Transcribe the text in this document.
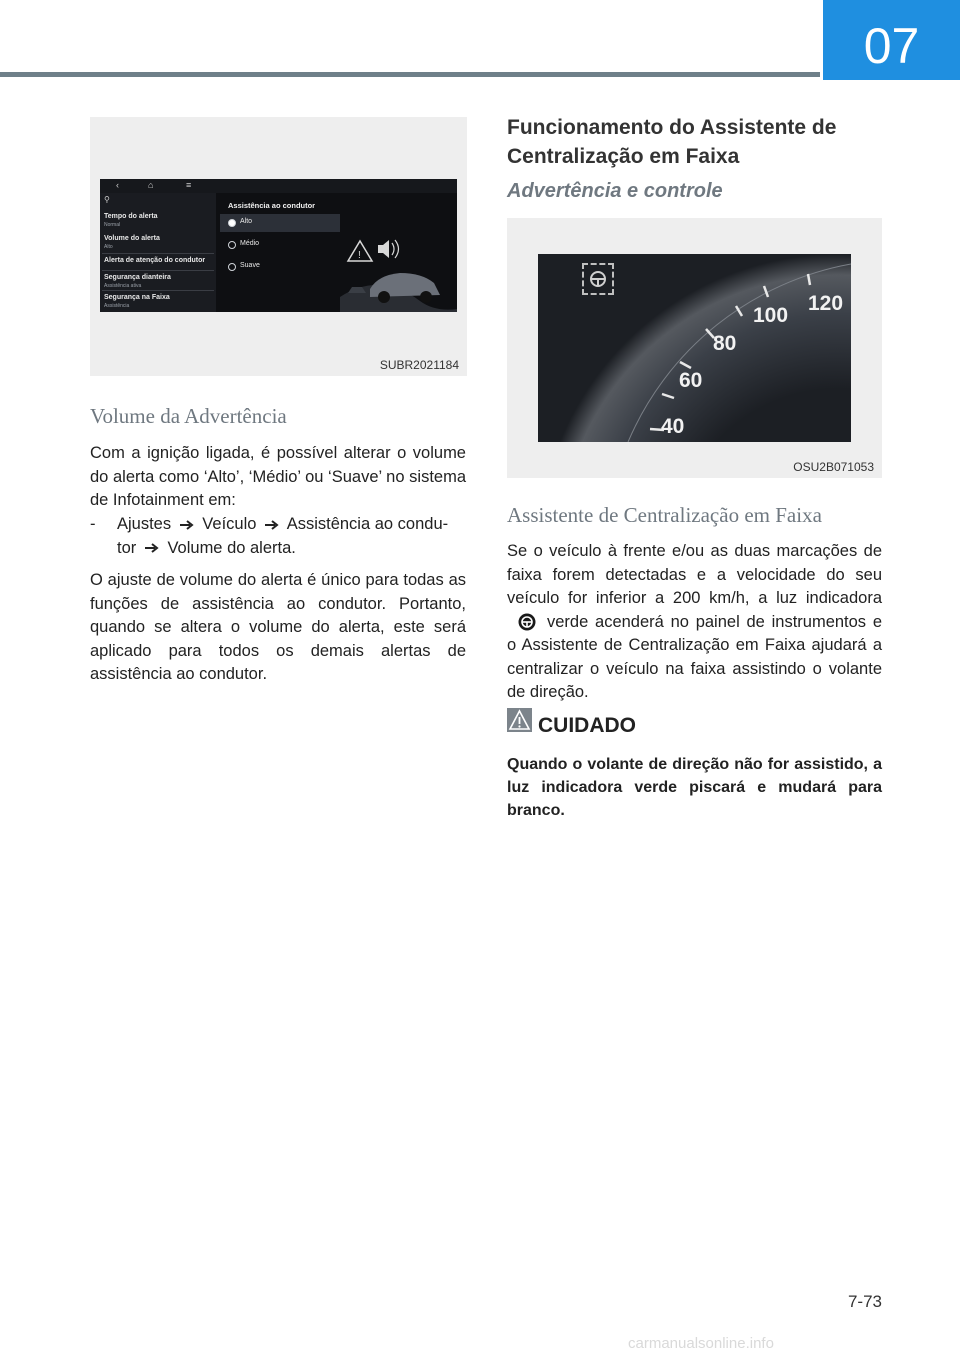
07
‹	⌂	≡
⚲
Tempo do alerta
Normal
Volume do alerta
Alto
Alerta de atenção do condutor
Segurança dianteira
Assistência ativa
Segurança na Faixa
Assistência
Assistência ao condutor
Alto
Médio
Suave
!
SUBR2021184
Volume da Advertência

Com a ignição ligada, é possível alterar o volume do alerta como ‘Alto’, ‘Médio’ ou ‘Suave’ no sistema de Infotainment em:

- Ajustes Veículo Assistência ao condu-
tor Volume do alerta.

O ajuste de volume do alerta é único para todas as funções de assistência ao condutor. Portanto, quando se altera o volume do alerta, este será aplicado para todos os demais alertas de assistência ao condutor.

Funcionamento do Assistente de Centralização em Faixa
Advertência e controle
120
100
80
60
40
OSU2B071053
Assistente de Centralização em Faixa
Se o veículo à frente e/ou as duas marcações de faixa forem detectadas e a velocidade do seu veículo for inferior a 200 km/h, a luz indicadoraverde acenderá no painel de instrumentos e o Assistente de Centralização em Faixa ajudará a centralizar o veículo na faixa assistindo o volante de direção.
CUIDADO

Quando o volante de direção não for assistido, a luz indicadora verde piscará e mudará para branco.

7-73
carmanualsonline.info
